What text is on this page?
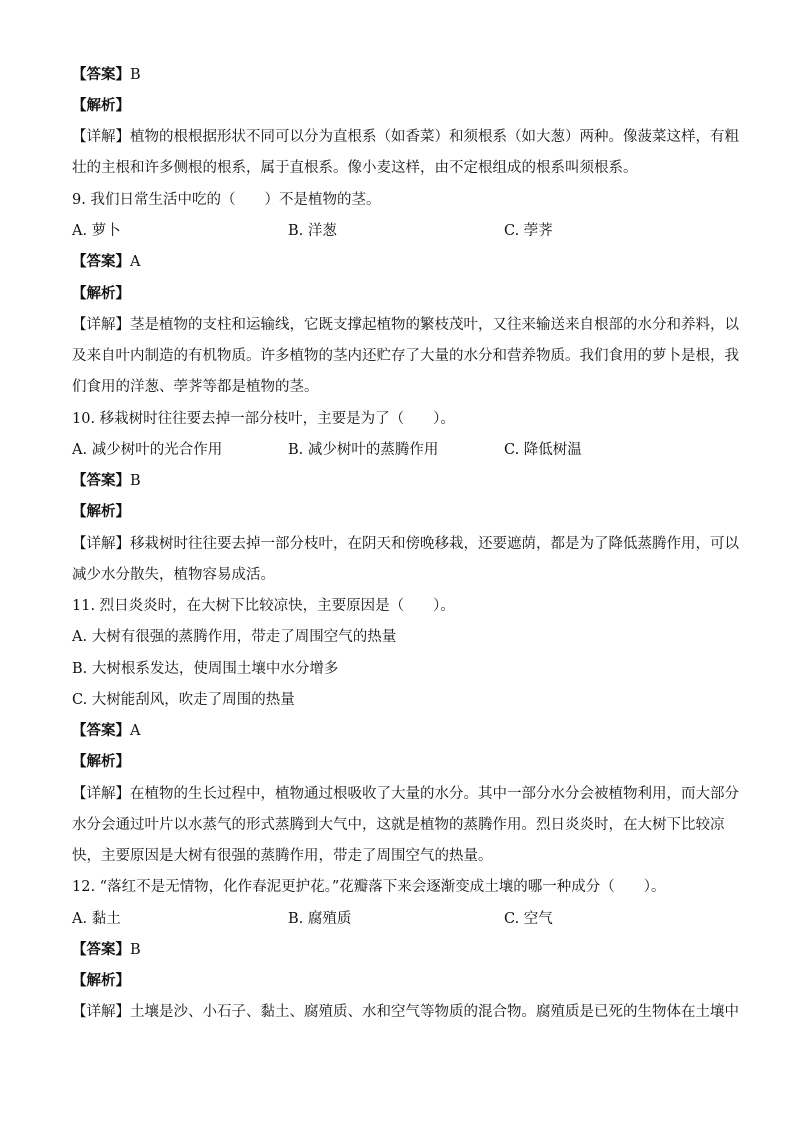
【答案】B
【解析】
【详解】植物的根根据形状不同可以分为直根系（如香菜）和须根系（如大葱）两种。像菠菜这样，有粗
壮的主根和许多侧根的根系，属于直根系。像小麦这样，由不定根组成的根系叫须根系。
9. 我们日常生活中吃的（　　）不是植物的茎。
A. 萝卜	B. 洋葱	C. 荸荠
【答案】A
【解析】
【详解】茎是植物的支柱和运输线，它既支撑起植物的繁枝茂叶，又往来输送来自根部的水分和养料，以
及来自叶内制造的有机物质。许多植物的茎内还贮存了大量的水分和营养物质。我们食用的萝卜是根，我
们食用的洋葱、荸荠等都是植物的茎。
10. 移栽树时往往要去掉一部分枝叶，主要是为了（　　）。
A. 减少树叶的光合作用	B. 减少树叶的蒸腾作用	C. 降低树温
【答案】B
【解析】
【详解】移栽树时往往要去掉一部分枝叶，在阴天和傍晚移栽，还要遮荫，都是为了降低蒸腾作用，可以
减少水分散失，植物容易成活。
11. 烈日炎炎时，在大树下比较凉快，主要原因是（　　）。
A. 大树有很强的蒸腾作用，带走了周围空气的热量
B. 大树根系发达，使周围土壤中水分增多
C. 大树能刮风，吹走了周围的热量
【答案】A
【解析】
【详解】在植物的生长过程中，植物通过根吸收了大量的水分。其中一部分水分会被植物利用，而大部分
水分会通过叶片以水蒸气的形式蒸腾到大气中，这就是植物的蒸腾作用。烈日炎炎时，在大树下比较凉
快，主要原因是大树有很强的蒸腾作用，带走了周围空气的热量。
12. “落红不是无情物，化作春泥更护花。”花瓣落下来会逐渐变成土壤的哪一种成分（　　）。
A. 黏土	B. 腐殖质	C. 空气
【答案】B
【解析】
【详解】土壤是沙、小石子、黏土、腐殖质、水和空气等物质的混合物。腐殖质是已死的生物体在土壤中
